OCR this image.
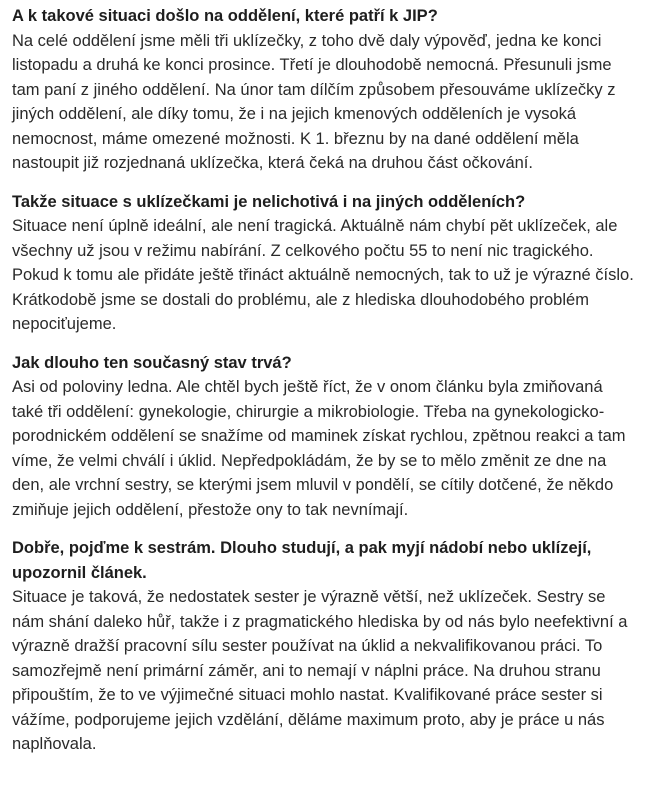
A k takové situaci došlo na oddělení, které patří k JIP?

Na celé oddělení jsme měli tři uklízečky, z toho dvě daly výpověď, jedna ke konci listopadu a druhá ke konci prosince. Třetí je dlouhodobě nemocná. Přesunuli jsme tam paní z jiného oddělení. Na únor tam dílčím způsobem přesouváme uklízečky z jiných oddělení, ale díky tomu, že i na jejich kmenových odděleních je vysoká nemocnost, máme omezené možnosti. K 1. březnu by na dané oddělení měla nastoupit již rozjednaná uklízečka, která čeká na druhou část očkování.

Takže situace s uklízečkami je nelichotivá i na jiných odděleních?

Situace není úplně ideální, ale není tragická. Aktuálně nám chybí pět uklízeček, ale všechny už jsou v režimu nabírání. Z celkového počtu 55 to není nic tragického. Pokud k tomu ale přidáte ještě třináct aktuálně nemocných, tak to už je výrazné číslo. Krátkodobě jsme se dostali do problému, ale z hlediska dlouhodobého problém nepociťujeme.

Jak dlouho ten současný stav trvá?

Asi od poloviny ledna. Ale chtěl bych ještě říct, že v onom článku byla zmiňovaná také tři oddělení: gynekologie, chirurgie a mikrobiologie. Třeba na gynekologicko-porodnickém oddělení se snažíme od maminek získat rychlou, zpětnou reakci a tam víme, že velmi chválí i úklid. Nepředpokládám, že by se to mělo změnit ze dne na den, ale vrchní sestry, se kterými jsem mluvil v pondělí, se cítily dotčené, že někdo zmiňuje jejich oddělení, přestože ony to tak nevnímají.

Dobře, pojďme k sestrám. Dlouho studují, a pak myjí nádobí nebo uklízejí, upozornil článek.

Situace je taková, že nedostatek sester je výrazně větší, než uklízeček. Sestry se nám shání daleko hůř, takže i z pragmatického hlediska by od nás bylo neefektivní a výrazně dražší pracovní sílu sester používat na úklid a nekvalifikovanou práci. To samozřejmě není primární záměr, ani to nemají v náplni práce. Na druhou stranu připouštím, že to ve výjimečné situaci mohlo nastat. Kvalifikované práce sester si vážíme, podporujeme jejich vzdělání, děláme maximum proto, aby je práce u nás naplňovala.
